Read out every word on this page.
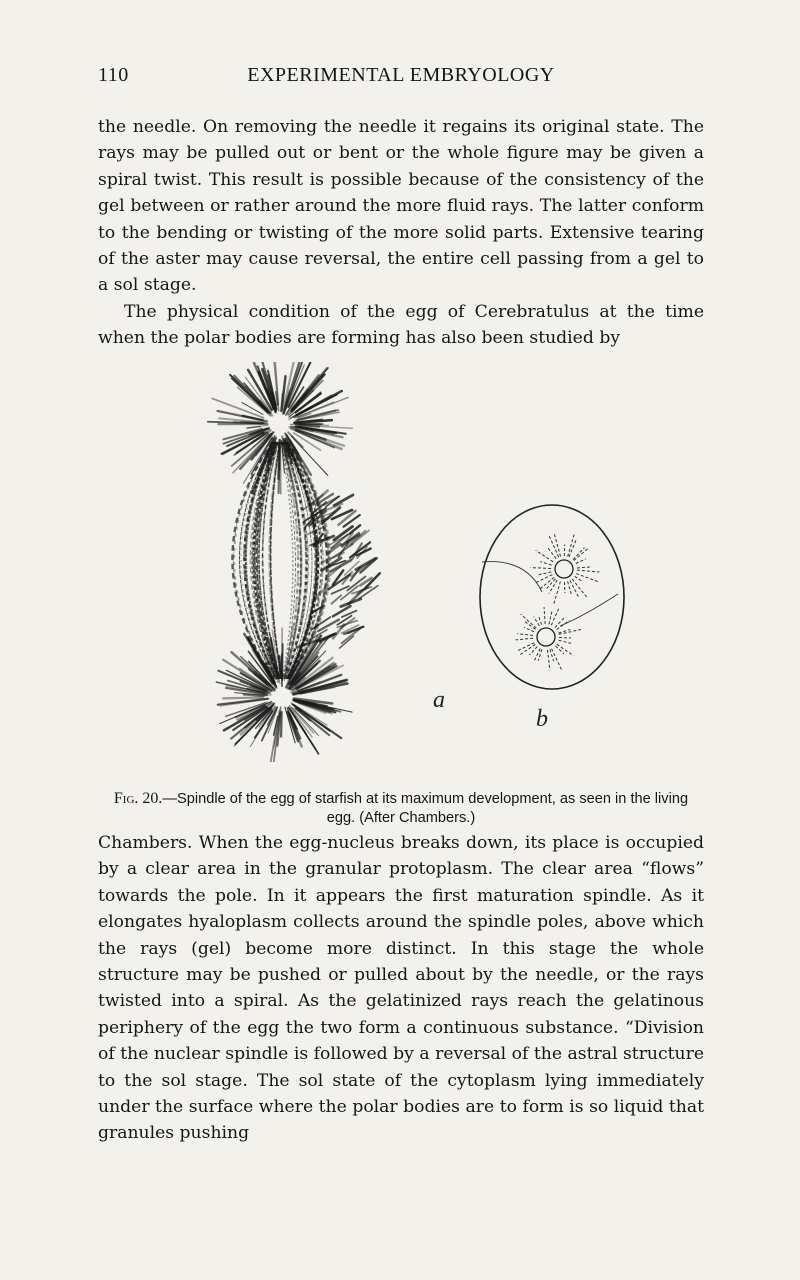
110	EXPERIMENTAL EMBRYOLOGY
the needle. On removing the needle it regains its original state. The rays may be pulled out or bent or the whole figure may be given a spiral twist. This result is possible because of the consistency of the gel between or rather around the more fluid rays. The latter conform to the bending or twisting of the more solid parts. Extensive tearing of the aster may cause reversal, the entire cell passing from a gel to a sol stage.
The physical condition of the egg of Cerebratulus at the time when the polar bodies are forming has also been studied by
a
b

Fig. 20.—Spindle of the egg of starfish at its maximum development, as seen in the living egg. (After Chambers.)

Chambers. When the egg-nucleus breaks down, its place is occupied by a clear area in the granular protoplasm. The clear area “flows” towards the pole. In it appears the first maturation spindle. As it elongates hyaloplasm collects around the spindle poles, above which the rays (gel) become more distinct. In this stage the whole structure may be pushed or pulled about by the needle, or the rays twisted into a spiral. As the gelatinized rays reach the gelatinous periphery of the egg the two form a continuous substance. “Division of the nuclear spindle is followed by a reversal of the astral structure to the sol stage. The sol state of the cytoplasm lying immediately under the surface where the polar bodies are to form is so liquid that granules pushing
